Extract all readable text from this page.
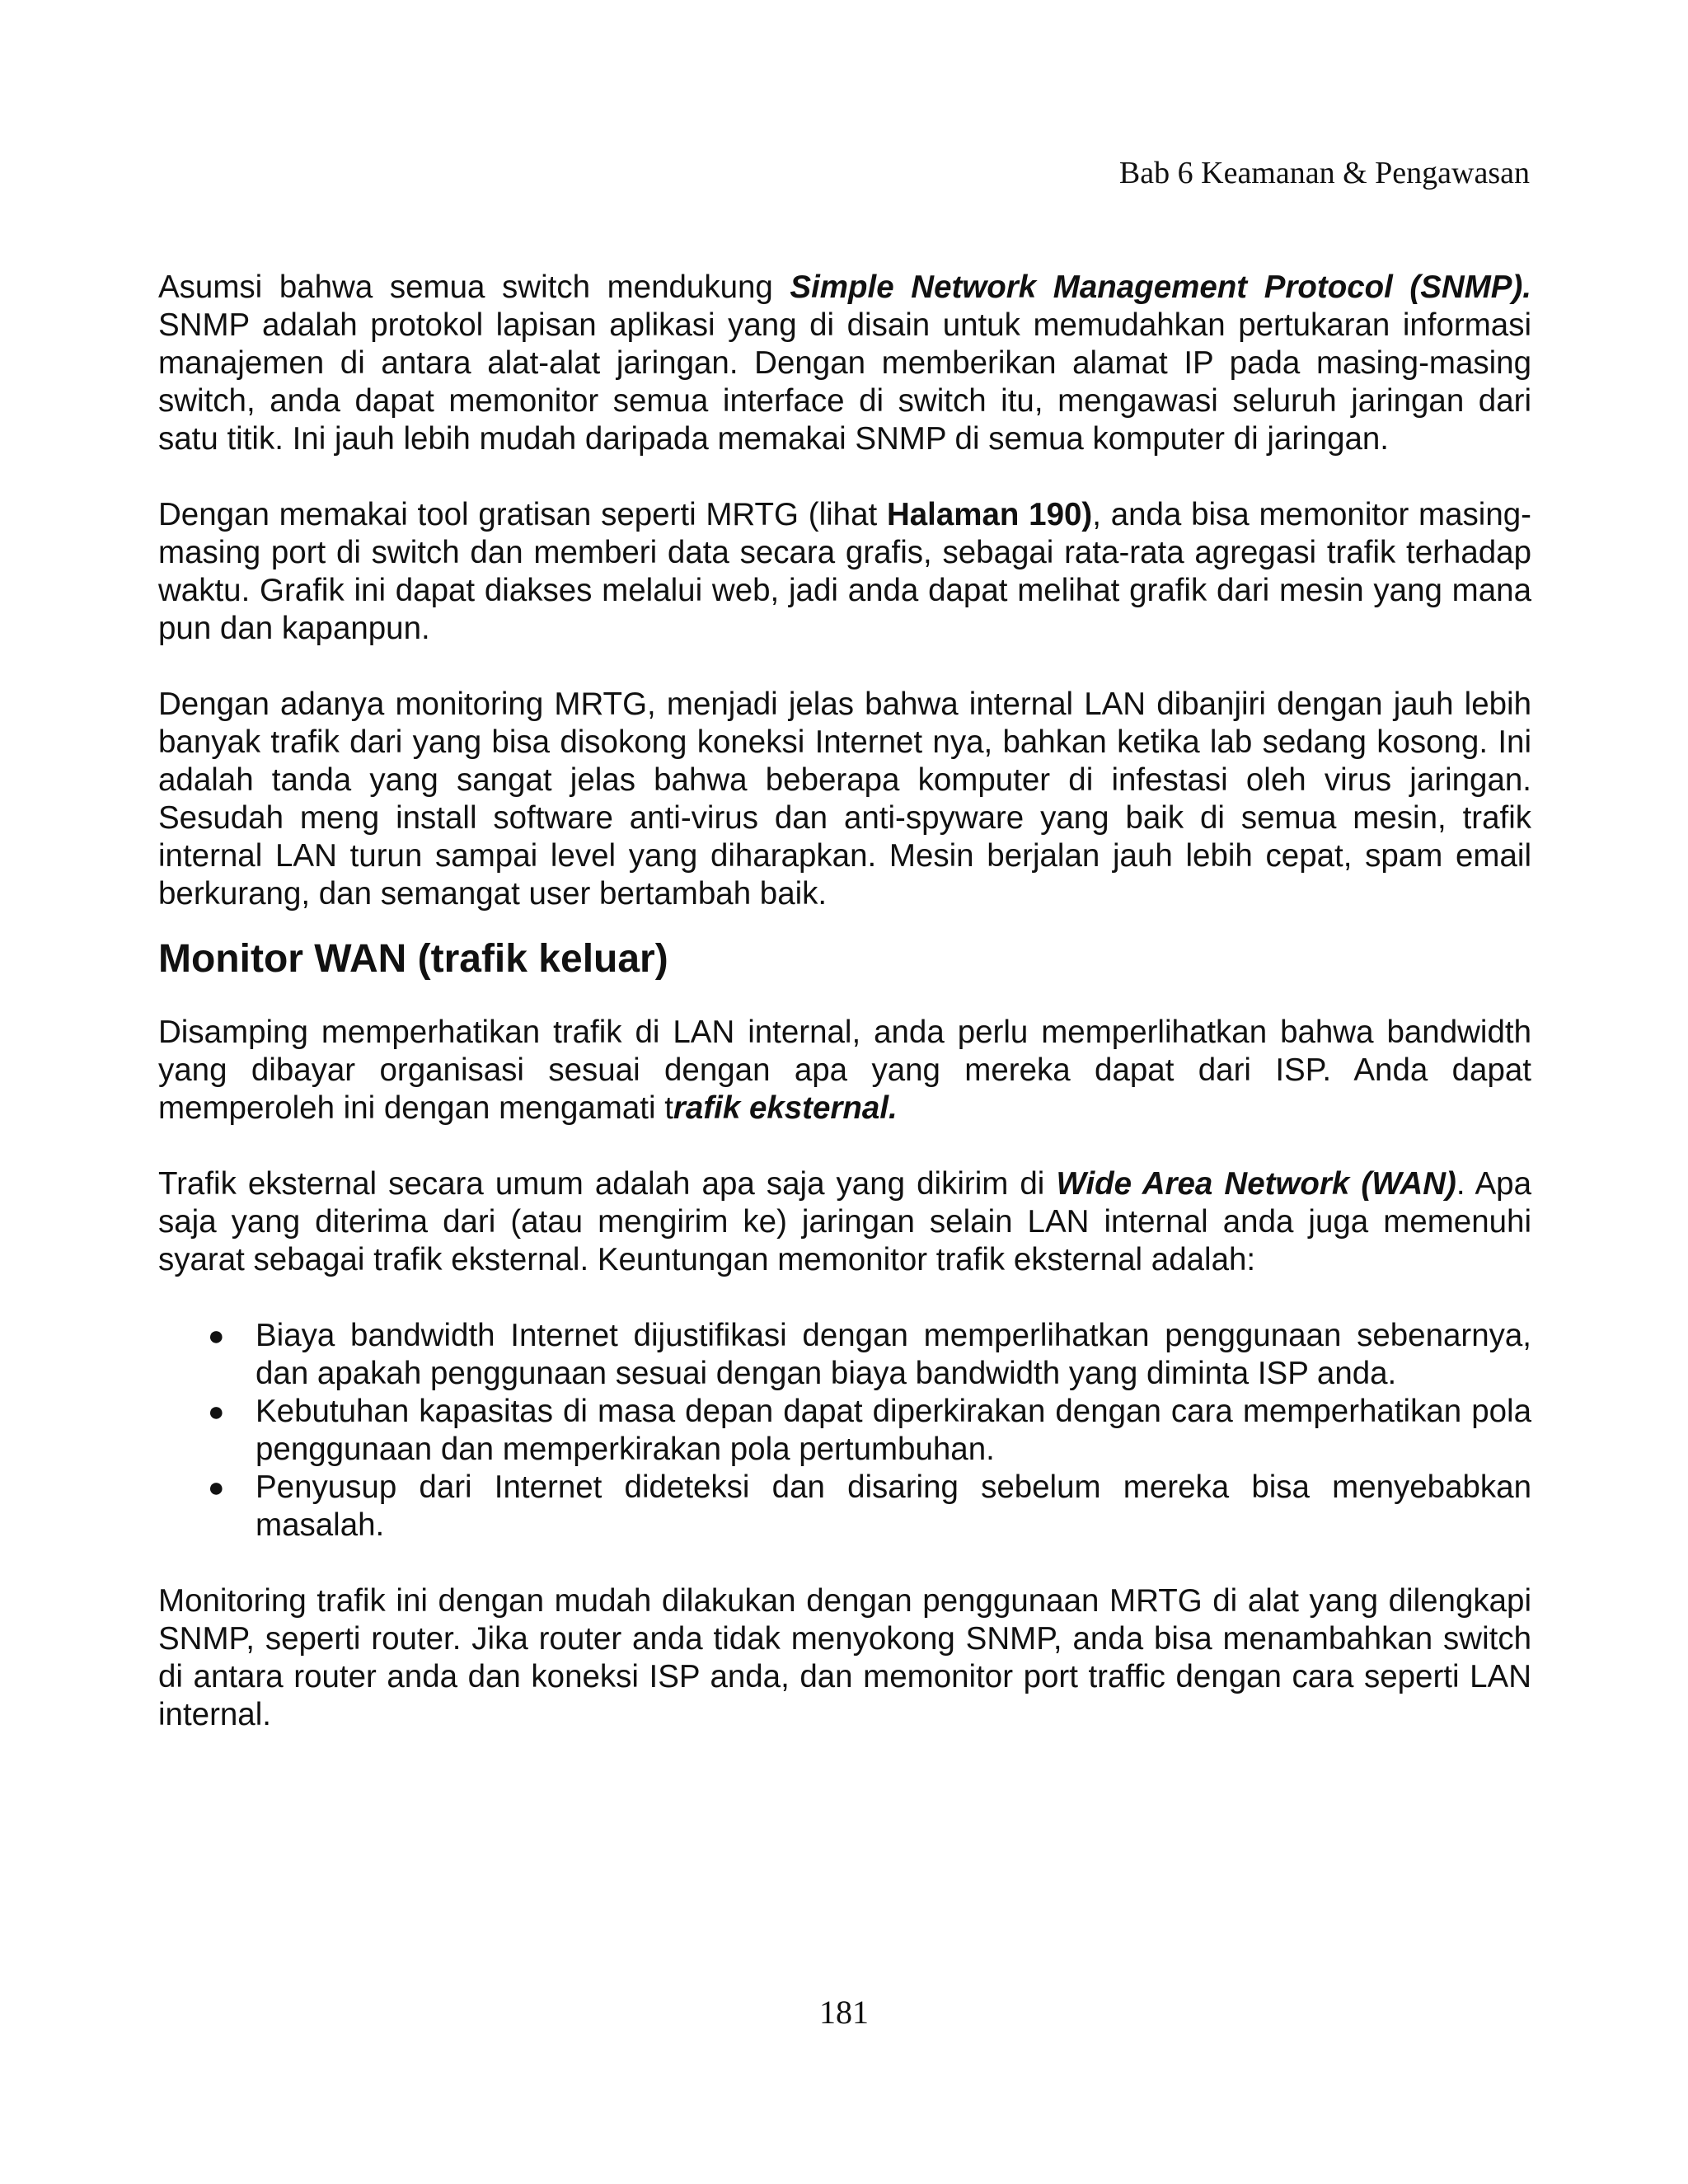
Bab 6 Keamanan & Pengawasan

Asumsi bahwa semua switch mendukung Simple Network Management Protocol (SNMP). SNMP adalah protokol lapisan aplikasi yang di disain untuk memudahkan pertukaran informasi manajemen di antara alat-alat jaringan. Dengan memberikan alamat IP pada masing-masing switch, anda dapat memonitor semua interface di switch itu, mengawasi seluruh jaringan dari satu titik. Ini jauh lebih mudah daripada memakai SNMP di semua komputer di jaringan.

Dengan memakai tool gratisan seperti MRTG (lihat Halaman 190), anda bisa memonitor masing-masing port di switch dan memberi data secara grafis, sebagai rata-rata agregasi trafik terhadap waktu. Grafik ini dapat diakses melalui web, jadi anda dapat melihat grafik dari mesin yang mana pun dan kapanpun.

Dengan adanya monitoring MRTG, menjadi jelas bahwa internal LAN dibanjiri dengan jauh lebih banyak trafik dari yang bisa disokong koneksi Internet nya, bahkan ketika lab sedang kosong. Ini adalah tanda yang sangat jelas bahwa beberapa komputer di infestasi oleh virus jaringan. Sesudah meng install software anti-virus dan anti-spyware yang baik di semua mesin, trafik internal LAN turun sampai level yang diharapkan. Mesin berjalan jauh lebih cepat, spam email berkurang, dan semangat user bertambah baik.

Monitor WAN (trafik keluar)

Disamping memperhatikan trafik di LAN internal, anda perlu memperlihatkan bahwa bandwidth yang dibayar organisasi sesuai dengan apa yang mereka dapat dari ISP. Anda dapat memperoleh ini dengan mengamati trafik eksternal.

Trafik eksternal secara umum adalah apa saja yang dikirim di Wide Area Network (WAN). Apa saja yang diterima dari (atau mengirim ke) jaringan selain LAN internal anda juga memenuhi syarat sebagai trafik eksternal. Keuntungan memonitor trafik eksternal adalah:

● Biaya bandwidth Internet dijustifikasi dengan memperlihatkan penggunaan sebenarnya, dan apakah penggunaan sesuai dengan biaya bandwidth yang diminta ISP anda.
● Kebutuhan kapasitas di masa depan dapat diperkirakan dengan cara memperhatikan pola penggunaan dan memperkirakan pola pertumbuhan.
● Penyusup dari Internet dideteksi dan disaring sebelum mereka bisa menyebabkan masalah.

Monitoring trafik ini dengan mudah dilakukan dengan penggunaan MRTG di alat yang dilengkapi SNMP, seperti router. Jika router anda tidak menyokong SNMP, anda bisa menambahkan switch di antara router anda dan koneksi ISP anda, dan memonitor port traffic dengan cara seperti LAN internal.

181
